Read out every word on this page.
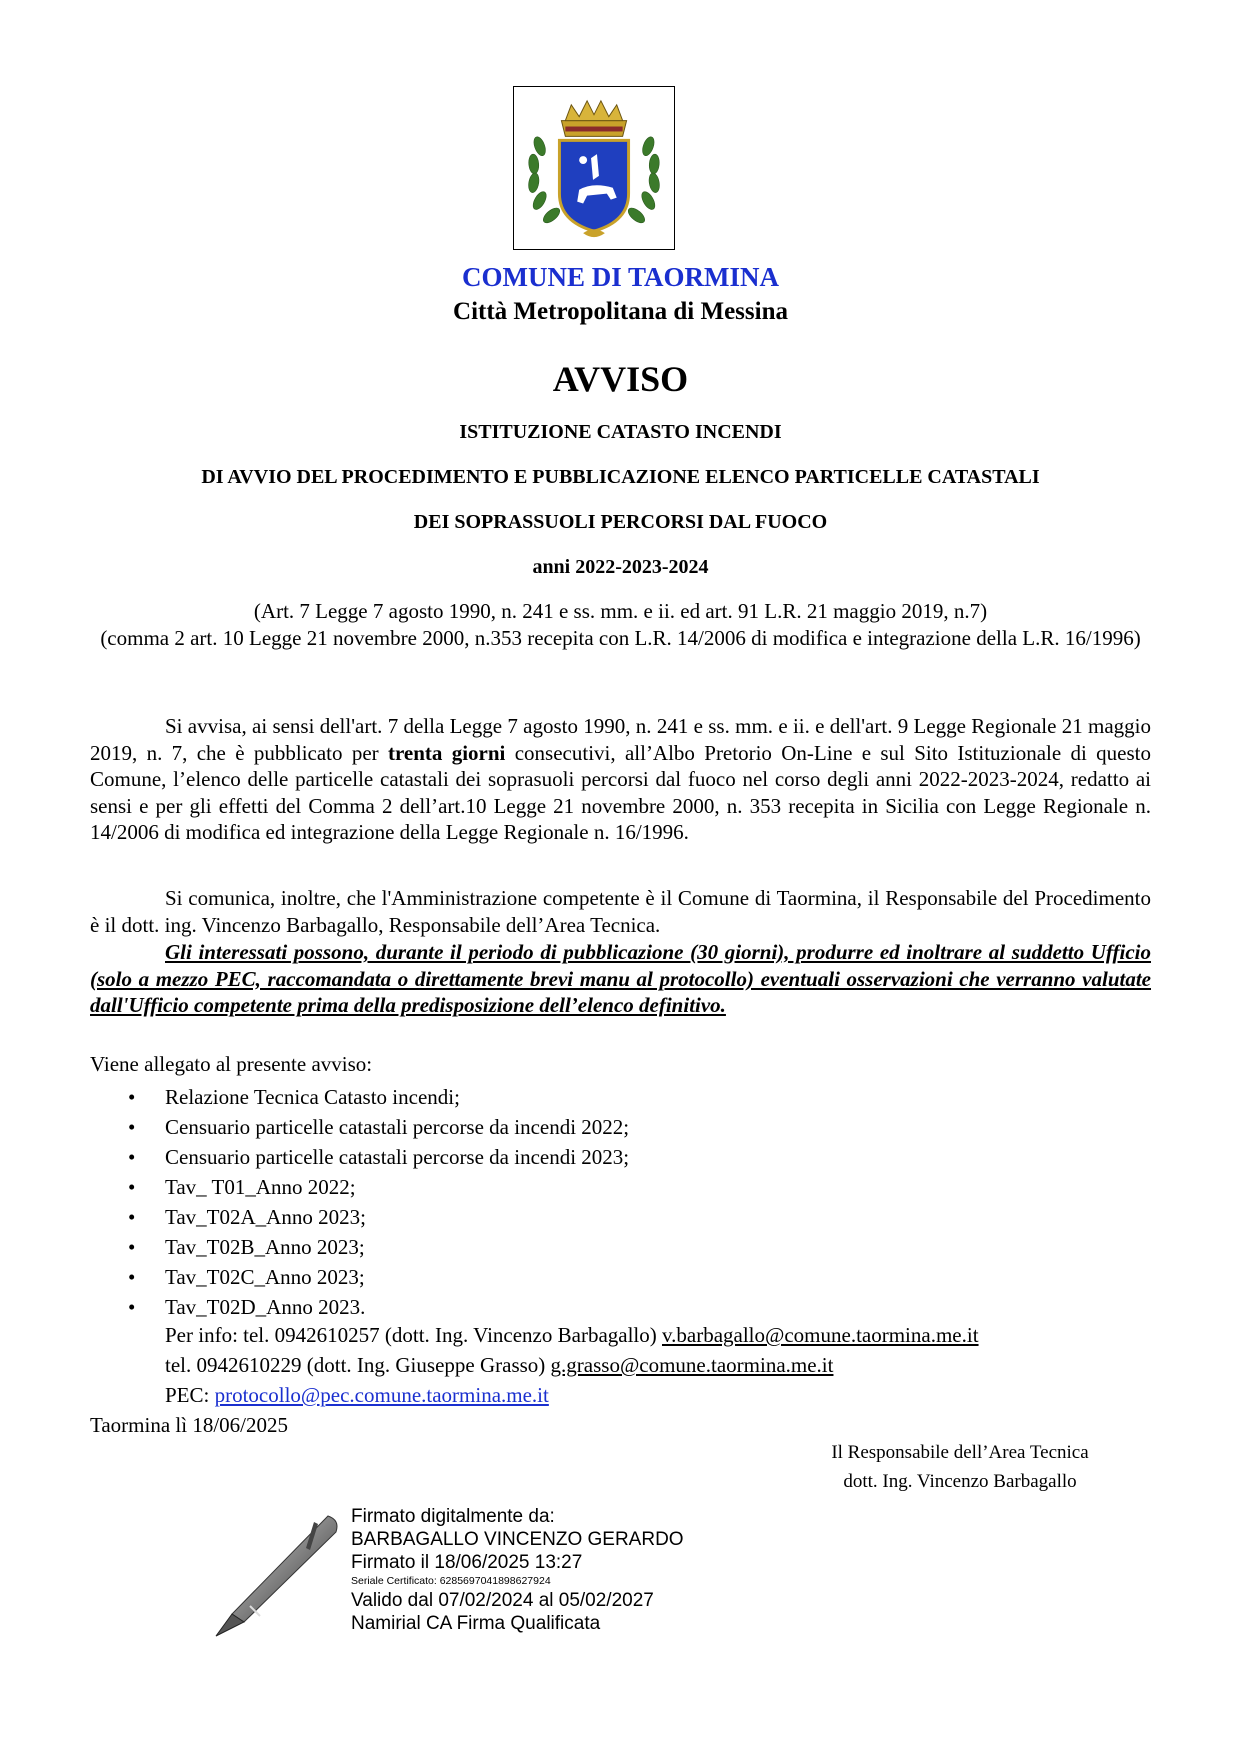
COMUNE DI TAORMINA
Città Metropolitana di Messina
AVVISO
ISTITUZIONE CATASTO INCENDI
DI AVVIO DEL PROCEDIMENTO E PUBBLICAZIONE ELENCO PARTICELLE CATASTALI
DEI SOPRASSUOLI PERCORSI DAL FUOCO
anni 2022-2023-2024
(Art. 7 Legge 7 agosto 1990, n. 241 e ss. mm. e ii. ed art. 91 L.R. 21 maggio 2019, n.7)
(comma 2 art. 10 Legge 21 novembre 2000, n.353 recepita con L.R. 14/2006 di modifica e integrazione della L.R. 16/1996)
Si avvisa, ai sensi dell'art. 7 della Legge 7 agosto 1990, n. 241 e ss. mm. e ii. e dell'art. 9 Legge Regionale 21 maggio 2019, n. 7, che è pubblicato per trenta giorni consecutivi, all’Albo Pretorio On-Line e sul Sito Istituzionale di questo Comune, l’elenco delle particelle catastali dei soprasuoli percorsi dal fuoco nel corso degli anni 2022-2023-2024, redatto ai sensi e per gli effetti del Comma 2 dell’art.10 Legge 21 novembre 2000, n. 353 recepita in Sicilia con Legge Regionale n. 14/2006 di modifica ed integrazione della Legge Regionale n. 16/1996.
Si comunica, inoltre, che l'Amministrazione competente è il Comune di Taormina, il Responsabile del Procedimento è il dott. ing. Vincenzo Barbagallo, Responsabile dell’Area Tecnica.
Gli interessati possono, durante il periodo di pubblicazione (30 giorni), produrre ed inoltrare al suddetto Ufficio (solo a mezzo PEC, raccomandata o direttamente brevi manu al protocollo) eventuali osservazioni che verranno valutate dall'Ufficio competente prima della predisposizione dell’elenco definitivo.
Viene allegato al presente avviso:
• Relazione Tecnica Catasto incendi;
• Censuario particelle catastali percorse da incendi 2022;
• Censuario particelle catastali percorse da incendi 2023;
• Tav_ T01_Anno 2022;
• Tav_T02A_Anno 2023;
• Tav_T02B_Anno 2023;
• Tav_T02C_Anno 2023;
• Tav_T02D_Anno 2023.
Per info: tel. 0942610257 (dott. Ing. Vincenzo Barbagallo) v.barbagallo@comune.taormina.me.it
tel. 0942610229 (dott. Ing. Giuseppe Grasso) g.grasso@comune.taormina.me.it
PEC: protocollo@pec.comune.taormina.me.it
Taormina lì 18/06/2025
Il Responsabile dell’Area Tecnica
dott. Ing. Vincenzo Barbagallo
Firmato digitalmente da:
BARBAGALLO VINCENZO GERARDO
Firmato il 18/06/2025 13:27
Seriale Certificato: 6285697041898627924
Valido dal 07/02/2024 al 05/02/2027
Namirial CA Firma Qualificata
